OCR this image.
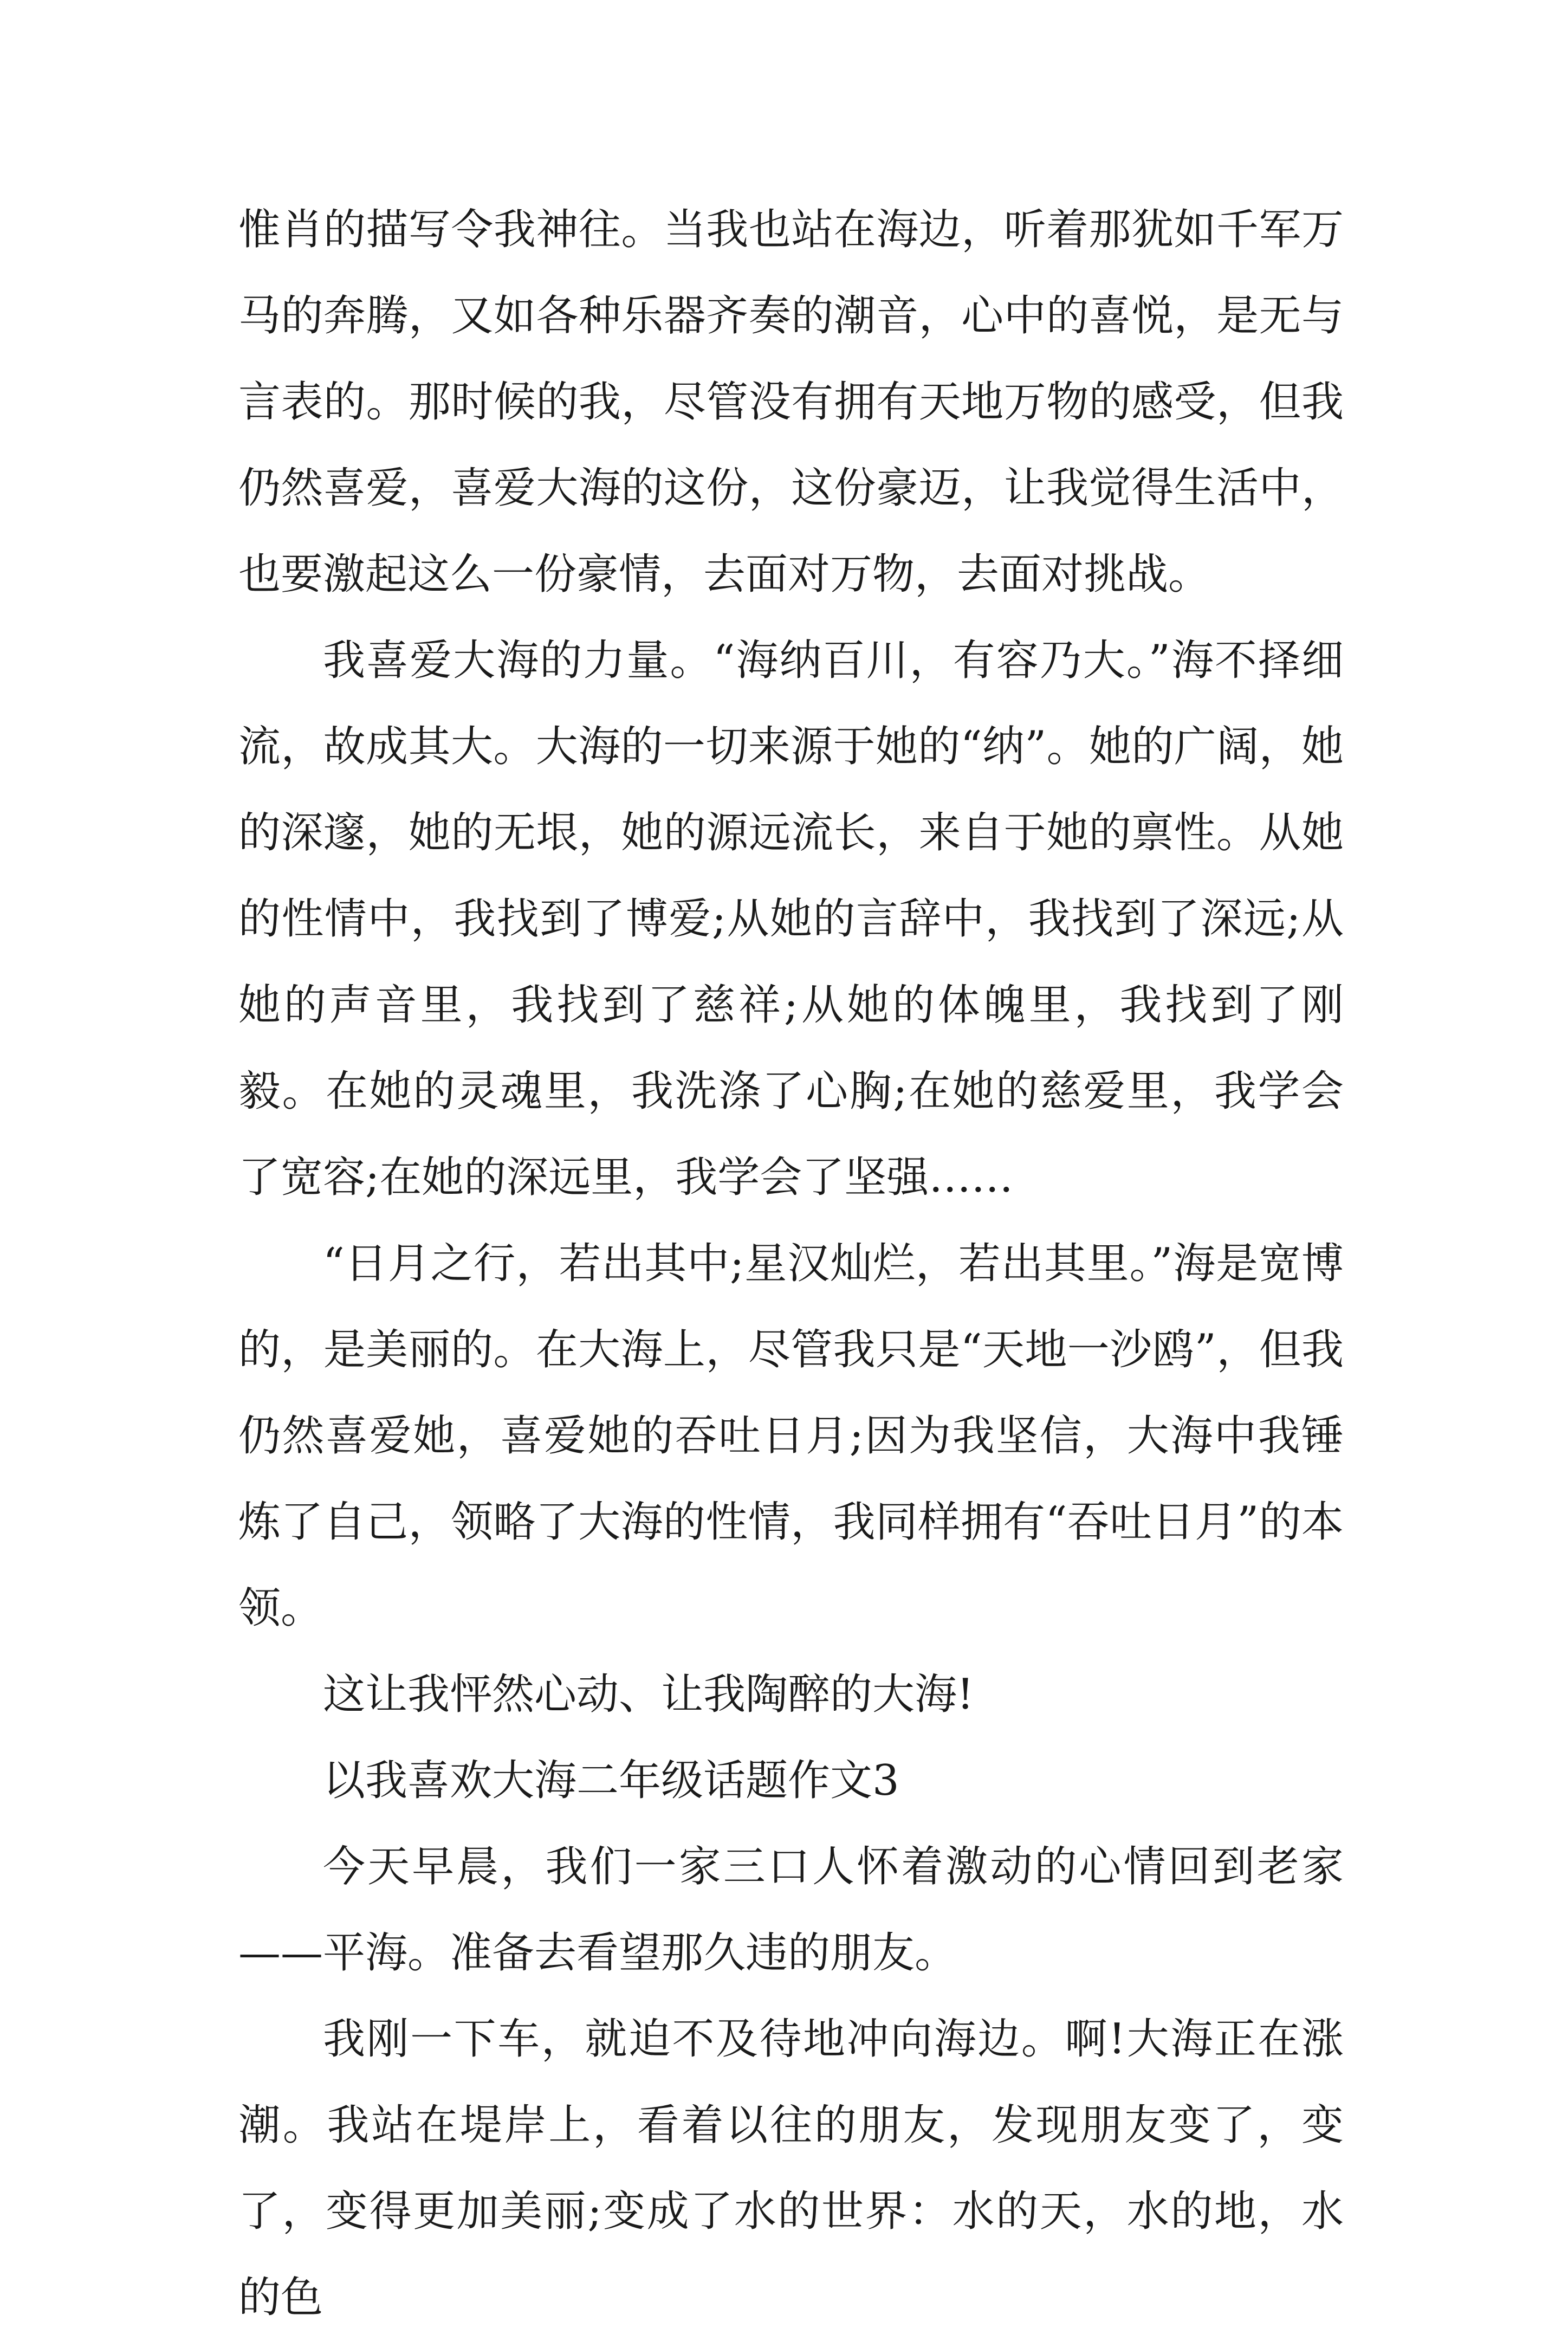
惟肖的描写令我神往。当我也站在海边，听着那犹如千军万马的奔腾，又如各种乐器齐奏的潮音，心中的喜悦，是无与言表的。那时候的我，尽管没有拥有天地万物的感受，但我仍然喜爱，喜爱大海的这份，这份豪迈，让我觉得生活中，也要激起这么一份豪情，去面对万物，去面对挑战。

我喜爱大海的力量。“海纳百川，有容乃大。”海不择细流，故成其大。大海的一切来源于她的“纳”。她的广阔，她的深邃，她的无垠，她的源远流长，来自于她的禀性。从她的性情中，我找到了博爱;从她的言辞中，我找到了深远;从她的声音里，我找到了慈祥;从她的体魄里，我找到了刚毅。在她的灵魂里，我洗涤了心胸;在她的慈爱里，我学会了宽容;在她的深远里，我学会了坚强……

“日月之行，若出其中;星汉灿烂，若出其里。”海是宽博的，是美丽的。在大海上，尽管我只是“天地一沙鸥”，但我仍然喜爱她，喜爱她的吞吐日月;因为我坚信，大海中我锤炼了自己，领略了大海的性情，我同样拥有“吞吐日月”的本领。

这让我怦然心动、让我陶醉的大海!

以我喜欢大海二年级话题作文3

今天早晨，我们一家三口人怀着激动的心情回到老家——平海。准备去看望那久违的朋友。

我刚一下车，就迫不及待地冲向海边。啊!大海正在涨潮。我站在堤岸上，看着以往的朋友，发现朋友变了，变了，变得更加美丽;变成了水的世界：水的天，水的地，水的色
